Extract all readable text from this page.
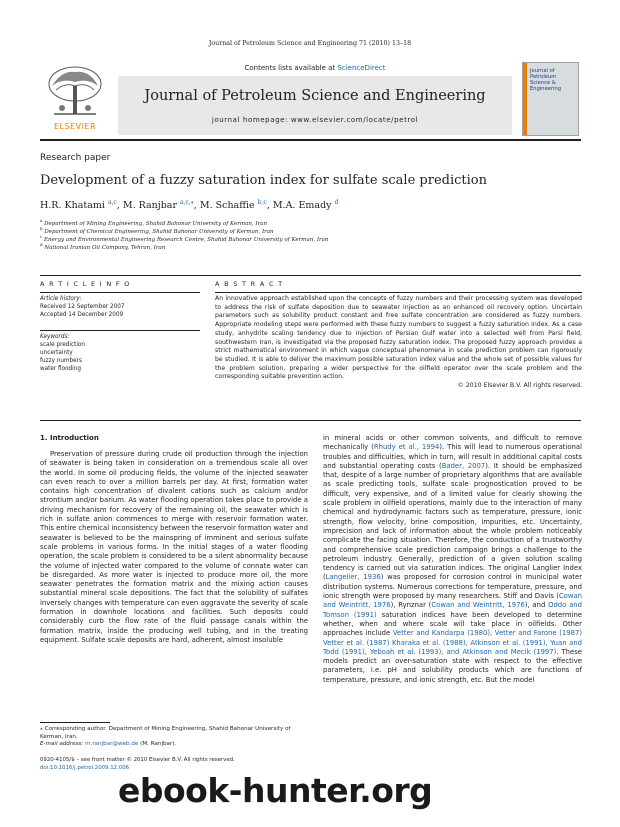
Journal of Petroleum Science and Engineering 71 (2010) 13–18
ELSEVIER
Contents lists available at ScienceDirect
Journal of Petroleum Science and Engineering
journal homepage: www.elsevier.com/locate/petrol
Journal of
Petroleum
Science &
Engineering
Research paper
Development of a fuzzy saturation index for sulfate scale prediction
H.R. Khatami $^{a,c}$, M. Ranjbar $^{a,c,⁎}$, M. Schaffie $^{b,c}$, M.A. Emady $^d$
$^a$ Department of Mining Engineering, Shahid Bahonar University of Kerman, Iran
$^b$ Department of Chemical Engineering, Shahid Bahonar University of Kerman, Iran
$^c$ Energy and Environmental Engineering Research Centre, Shahid Bahonar University of Kerman, Iran
$^d$ National Iranian Oil Company, Tehran, Iran
A R T I C L E I N F O
Article history:
Received 12 September 2007
Accepted 14 December 2009
Keywords:
scale prediction
uncertainty
fuzzy numbers
water flooding
A B S T R A C T
An innovative approach established upon the concepts of fuzzy numbers and their processing system was developed to address the risk of sulfate deposition due to seawater injection as an enhanced oil recovery option. Uncertain parameters such as solubility product constant and free sulfate concentration are considered as fuzzy numbers. Appropriate modeling steps were performed with these fuzzy numbers to suggest a fuzzy saturation index. As a case study, anhydrite scaling tendency due to injection of Persian Gulf water into a selected well from Parsi field, southwestern Iran, is investigated via the proposed fuzzy saturation index. The proposed fuzzy approach provides a strict mathematical environment in which vague conceptual phenomena in scale prediction problem can rigorously be studied. It is able to deliver the maximum possible saturation index value and the whole set of possible values for the problem solution, preparing a wider perspective for the oilfield operator over the scale problem and the corresponding suitable prevention action.
© 2010 Elsevier B.V. All rights reserved.
1. Introduction

Preservation of pressure during crude oil production through the injection of seawater is being taken in consideration on a tremendous scale all over the world. In some oil producing fields, the volume of the injected seawater can even reach to over a million barrels per day. At first, formation water contains high concentration of divalent cations such as calcium and/or strontium and/or barium. As water flooding operation takes place to provide a driving mechanism for recovery of the remaining oil, the seawater which is rich in sulfate anion commences to merge with reservoir formation water. This entire chemical inconsistency between the reservoir formation water and seawater is believed to be the mainspring of imminent and serious sulfate scale problems in various forms. In the initial stages of a water flooding operation, the scale problem is considered to be a silent abnormality because the volume of injected water compared to the volume of connate water can be disregarded. As more water is injected to produce more oil, the more seawater penetrates the formation matrix and the mixing action causes substantial mineral scale depositions. The fact that the solubility of sulfates inversely changes with temperature can even aggravate the severity of scale formation in downhole locations and facilities. Such deposits could considerably curb the flow rate of the fluid passage canals within the formation matrix, inside the producing well tubing, and in the treating equipment. Sulfate scale deposits are hard, adherent, almost insoluble

in mineral acids or other common solvents, and difficult to remove mechanically (Rhudy et al., 1994). This will lead to numerous operational troubles and difficulties, which in turn, will result in additional capital costs and substantial operating costs (Bader, 2007). It should be emphasized that, despite of a large number of proprietary algorithms that are available as scale predicting tools, sulfate scale prognostication proved to be difficult, very expensive, and of a limited value for clearly showing the scale problem in oilfield operations, mainly due to the interaction of many chemical and hydrodynamic factors such as temperature, pressure, ionic strength, flow velocity, brine composition, impurities, etc. Uncertainty, imprecision and lack of information about the whole problem noticeably complicate the facing situation. Therefore, the conduction of a trustworthy and comprehensive scale prediction campaign brings a challenge to the petroleum industry. Generally, prediction of a given solution scaling tendency is carried out via saturation indices. The original Langlier Index (Langelier, 1936) was proposed for corrosion control in municipal water distribution systems. Numerous corrections for temperature, pressure, and ionic strength were proposed by many researchers. Stiff and Davis (Cowan and Weintritt, 1976), Rynznar (Cowan and Weintritt, 1976), and Oddo and Tomson (1991) saturation indices have been developed to determine whether, when and where scale will take place in oilfields. Other approaches include Vetter and Kandarpa (1980), Vetter and Farone (1987) Vetter et al. (1987) Kharaka et al. (1988), Atkinson et al. (1991), Yuan and Todd (1991), Yeboah et al. (1993), and Atkinson and Mecik (1997). These models predict an over-saturation state with respect to the effective parameters, i.e. pH and solubility products which are functions of temperature, pressure, and ionic strength, etc. But the model
⁎ Corresponding author. Department of Mining Engineering, Shahid Bahonar University of Kerman, Iran.
E-mail address: m.ranjbar@web.de (M. Ranjbar).
0920-4105/$ – see front matter © 2010 Elsevier B.V. All rights reserved.
doi:10.1016/j.petrol.2009.12.006
ebook-hunter.org
